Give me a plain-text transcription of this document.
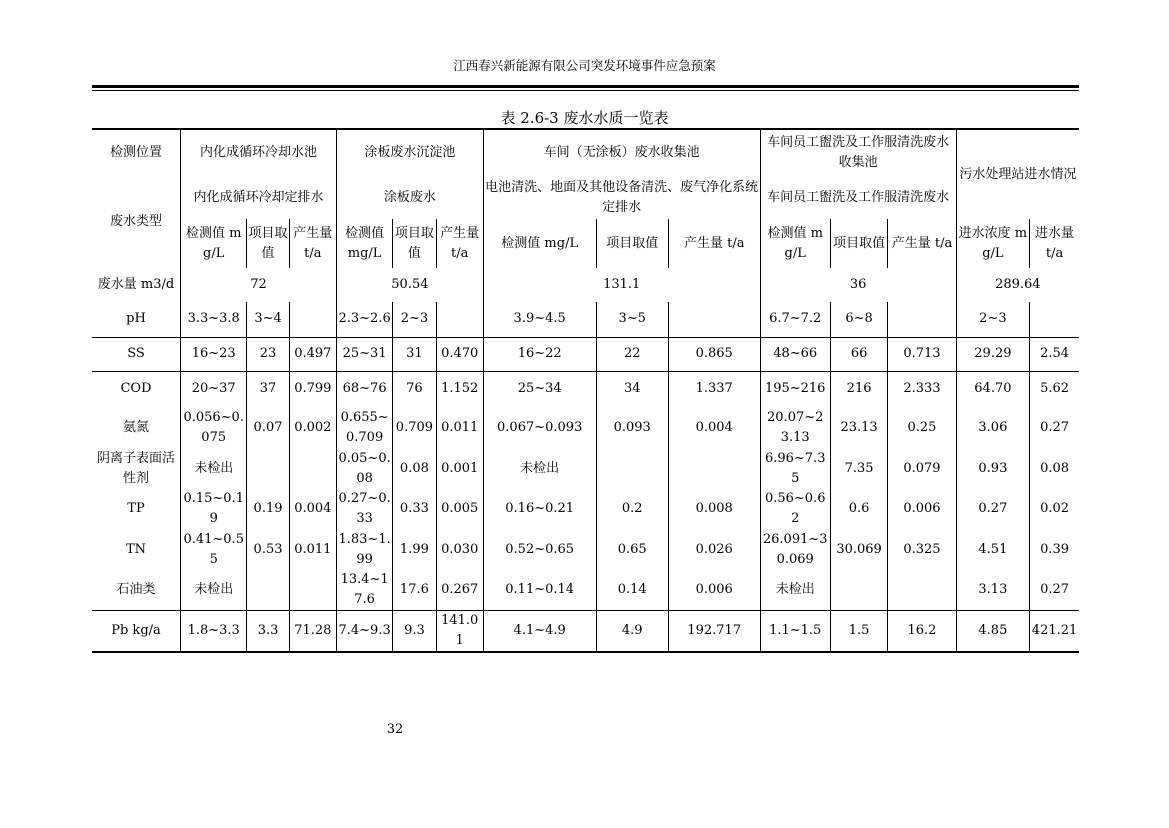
江西春兴新能源有限公司突发环境事件应急预案
表 2.6-3 废水水质一览表
检测位置	内化成循环冷却水池			涂板废水沉淀池			车间（无涂板）废水收集池			车间员工盥洗及工作服清洗废水收集池			污水处理站进水情况	
废水类型	内化成循环冷却定排水			涂板废水			电池清洗、地面及其他设备清洗、废气净化系统定排水			车间员工盥洗及工作服清洗废水				
	检测值 mg/L	项目取值	产生量 t/a	检测值 mg/L	项目取值	产生量 t/a	检测值 mg/L	项目取值	产生量 t/a	检测值 mg/L	项目取值	产生量 t/a	进水浓度 mg/L	进水量 t/a
废水量 m3/d	72			50.54			131.1			36			289.64	
pH	3.3~3.8	3~4		2.3~2.6	2~3		3.9~4.5	3~5		6.7~7.2	6~8		2~3	
SS	16~23	23	0.497	25~31	31	0.470	16~22	22	0.865	48~66	66	0.713	29.29	2.54
COD	20~37	37	0.799	68~76	76	1.152	25~34	34	1.337	195~216	216	2.333	64.70	5.62
氨氮	0.056~0.075	0.07	0.002	0.655~0.709	0.709	0.011	0.067~0.093	0.093	0.004	20.07~23.13	23.13	0.25	3.06	0.27
阴离子表面活性剂	未检出			0.05~0.08	0.08	0.001	未检出			6.96~7.35	7.35	0.079	0.93	0.08
TP	0.15~0.19	0.19	0.004	0.27~0.33	0.33	0.005	0.16~0.21	0.2	0.008	0.56~0.62	0.6	0.006	0.27	0.02
TN	0.41~0.55	0.53	0.011	1.83~1.99	1.99	0.030	0.52~0.65	0.65	0.026	26.091~30.069	30.069	0.325	4.51	0.39
石油类	未检出			13.4~17.6	17.6	0.267	0.11~0.14	0.14	0.006	未检出			3.13	0.27
Pb kg/a	1.8~3.3	3.3	71.28	7.4~9.3	9.3	141.01	4.1~4.9	4.9	192.717	1.1~1.5	1.5	16.2	4.85	421.21
32
